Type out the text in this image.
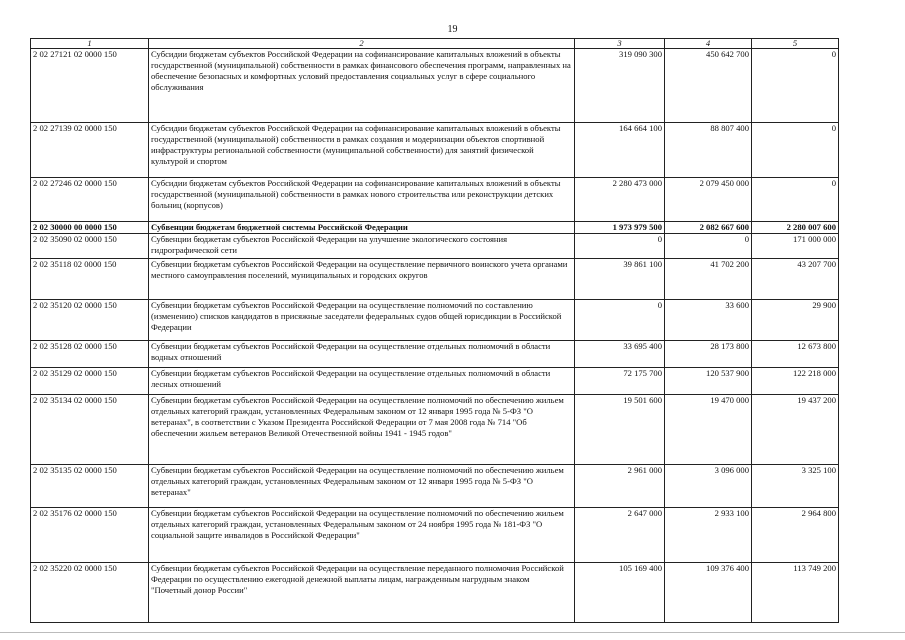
19
1	2	3	4	5
2 02 27121 02 0000 150	Субсидии бюджетам субъектов Российской Федерации на софинансирование капитальных вложений в объекты государственной (муниципальной) собственности в рамках финансового обеспечения программ, направленных на обеспечение безопасных и комфортных условий предоставления социальных услуг в сфере социального обслуживания	319 090 300	450 642 700	0
2 02 27139 02 0000 150	Субсидии бюджетам субъектов Российской Федерации на софинансирование капитальных вложений в объекты государственной (муниципальной) собственности в рамках создания и модернизации объектов спортивной инфраструктуры региональной собственности (муниципальной собственности) для занятий физической культурой и спортом	164 664 100	88 807 400	0
2 02 27246 02 0000 150	Субсидии бюджетам субъектов Российской Федерации на софинансирование капитальных вложений в объекты государственной (муниципальной) собственности в рамках нового строительства или реконструкции детских больниц (корпусов)	2 280 473 000	2 079 450 000	0
2 02 30000 00 0000 150	Субвенции бюджетам бюджетной системы Российской Федерации	1 973 979 500	2 082 667 600	2 280 007 600
2 02 35090 02 0000 150	Субвенции бюджетам субъектов Российской Федерации на улучшение экологического состояния гидрографической сети	0	0	171 000 000
2 02 35118 02 0000 150	Субвенции бюджетам субъектов Российской Федерации на осуществление первичного воинского учета органами местного самоуправления поселений, муниципальных и городских округов	39 861 100	41 702 200	43 207 700
2 02 35120 02 0000 150	Субвенции бюджетам субъектов Российской Федерации на осуществление полномочий по составлению (изменению) списков кандидатов в присяжные заседатели федеральных судов общей юрисдикции в Российской Федерации	0	33 600	29 900
2 02 35128 02 0000 150	Субвенции бюджетам субъектов Российской Федерации на осуществление отдельных полномочий в области водных отношений	33 695 400	28 173 800	12 673 800
2 02 35129 02 0000 150	Субвенции бюджетам субъектов Российской Федерации на осуществление отдельных полномочий в области лесных отношений	72 175 700	120 537 900	122 218 000
2 02 35134 02 0000 150	Субвенции бюджетам субъектов Российской Федерации на осуществление полномочий по обеспечению жильем отдельных категорий граждан, установленных Федеральным законом от 12 января 1995 года № 5-ФЗ "О ветеранах", в соответствии с Указом Президента Российской Федерации от 7 мая 2008 года № 714 "Об обеспечении жильем ветеранов Великой Отечественной войны 1941 - 1945 годов"	19 501 600	19 470 000	19 437 200
2 02 35135 02 0000 150	Субвенции бюджетам субъектов Российской Федерации на осуществление полномочий по обеспечению жильем отдельных категорий граждан, установленных Федеральным законом от 12 января 1995 года № 5-ФЗ "О ветеранах"	2 961 000	3 096 000	3 325 100
2 02 35176 02 0000 150	Субвенции бюджетам субъектов Российской Федерации на осуществление полномочий по обеспечению жильем отдельных категорий граждан, установленных Федеральным законом от 24 ноября 1995 года № 181-ФЗ "О социальной защите инвалидов в Российской Федерации"	2 647 000	2 933 100	2 964 800
2 02 35220 02 0000 150	Субвенции бюджетам субъектов Российской Федерации на осуществление переданного полномочия Российской Федерации по осуществлению ежегодной денежной выплаты лицам, награжденным нагрудным знаком "Почетный донор России"	105 169 400	109 376 400	113 749 200
